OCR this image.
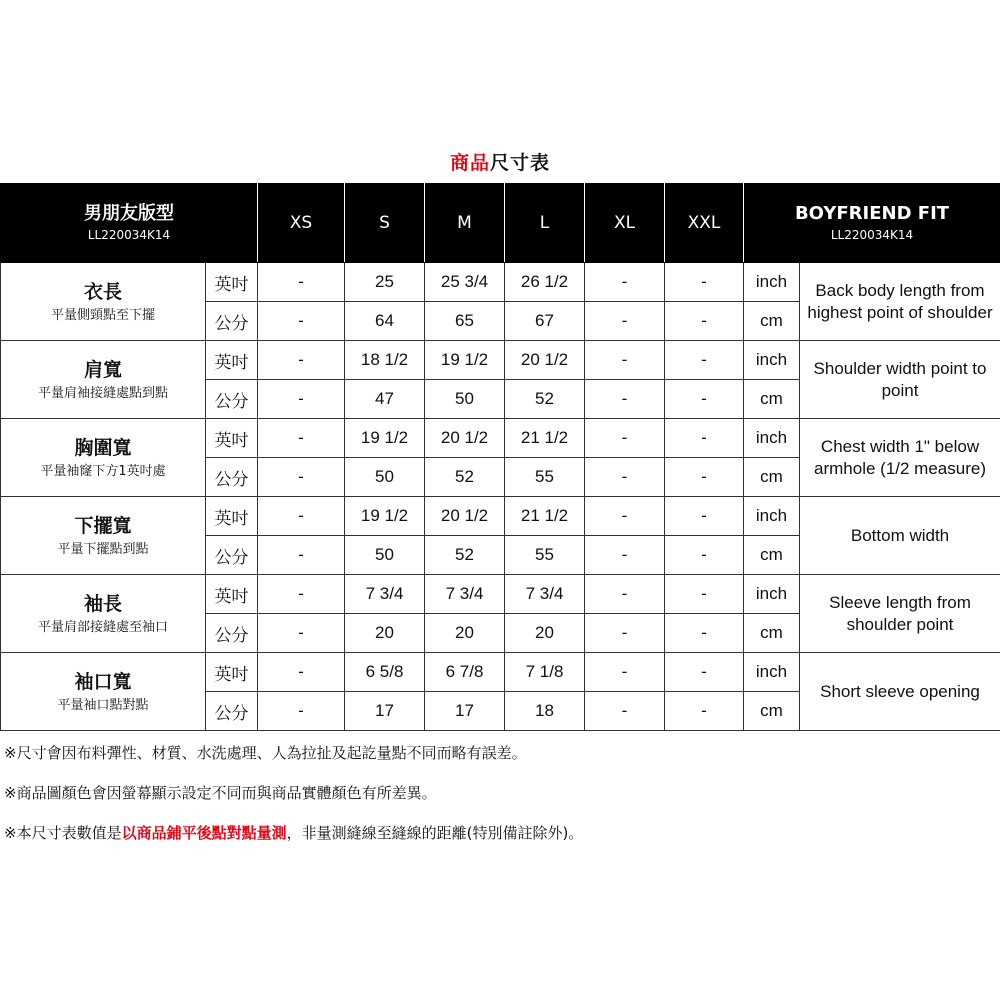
商品尺寸表
男朋友版型
LL220034K14		XS	S	M	L	XL	XXL	BOYFRIEND FIT
LL220034K14	

衣長
平量側頸點至下擺	英吋	-	25	25 3/4	26 1/2	-	-	inch	Back body length from highest point of shoulder
	公分	-	64	65	67	-	-	cm	

肩寬
平量肩袖接縫處點到點	英吋	-	18 1/2	19 1/2	20 1/2	-	-	inch	Shoulder width point to point
	公分	-	47	50	52	-	-	cm	

胸圍寬
平量袖窿下方1英吋處	英吋	-	19 1/2	20 1/2	21 1/2	-	-	inch	Chest width 1" below armhole (1/2 measure)
	公分	-	50	52	55	-	-	cm	

下擺寬
平量下擺點到點	英吋	-	19 1/2	20 1/2	21 1/2	-	-	inch	Bottom width
	公分	-	50	52	55	-	-	cm	

袖長
平量肩部接縫處至袖口	英吋	-	7 3/4	7 3/4	7 3/4	-	-	inch	Sleeve length from shoulder point
	公分	-	20	20	20	-	-	cm	

袖口寬
平量袖口點對點	英吋	-	6 5/8	6 7/8	7 1/8	-	-	inch	Short sleeve opening
	公分	-	17	17	18	-	-	cm	
※尺寸會因布料彈性、材質、水洗處理、人為拉扯及起訖量點不同而略有誤差。
※商品圖顏色會因螢幕顯示設定不同而與商品實體顏色有所差異。
※本尺寸表數值是以商品鋪平後點對點量測，非量測縫線至縫線的距離(特別備註除外)。
